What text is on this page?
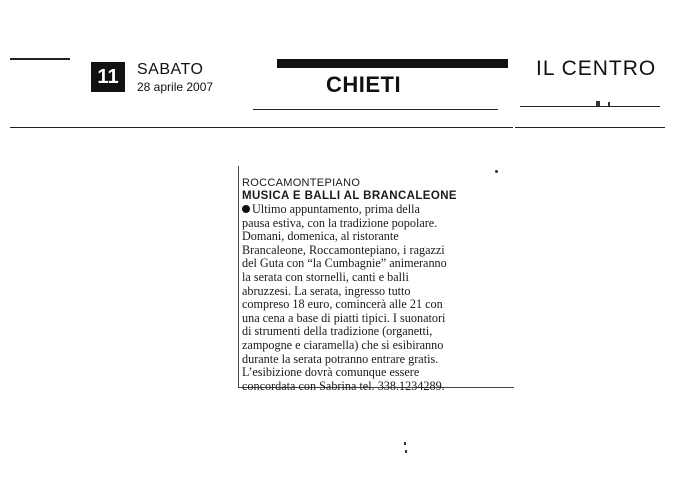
11	SABATO
28 aprile 2007	CHIETI
IL CENTRO
ROCCAMONTEPIANO
MUSICA E BALLI AL BRANCALEONE
Ultimo appuntamento, prima della
pausa estiva, con la tradizione popolare.
Domani, domenica, al ristorante
Brancaleone, Roccamontepiano, i ragazzi
del Guta con “la Cumbagnie” animeranno
la serata con stornelli, canti e balli
abruzzesi. La serata, ingresso tutto
compreso 18 euro, comincerà alle 21 con
una cena a base di piatti tipici. I suonatori
di strumenti della tradizione (organetti,
zampogne e ciaramella) che si esibiranno
durante la serata potranno entrare gratis.
L’esibizione dovrà comunque essere
concordata con Sabrina tel. 338.1234289.
